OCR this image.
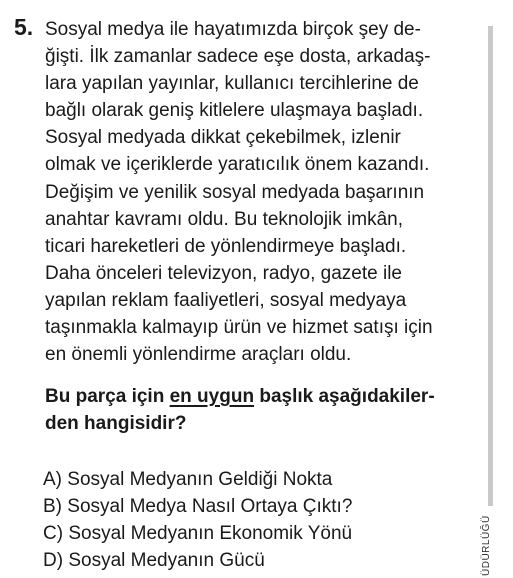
5. Sosyal medya ile hayatımızda birçok şey de-
ğişti. İlk zamanlar sadece eşe dosta, arkadaş-
lara yapılan yayınlar, kullanıcı tercihlerine de
bağlı olarak geniş kitlelere ulaşmaya başladı.
Sosyal medyada dikkat çekebilmek, izlenir
olmak ve içeriklerde yaratıcılık önem kazandı.
Değişim ve yenilik sosyal medyada başarının
anahtar kavramı oldu. Bu teknolojik imkân,
ticari hareketleri de yönlendirmeye başladı.
Daha önceleri televizyon, radyo, gazete ile
yapılan reklam faaliyetleri, sosyal medyaya
taşınmakla kalmayıp ürün ve hizmet satışı için
en önemli yönlendirme araçları oldu.
Bu parça için en uygun başlık aşağıdakiler-
den hangisidir?
A) Sosyal Medyanın Geldiği Nokta
B) Sosyal Medya Nasıl Ortaya Çıktı?
C) Sosyal Medyanın Ekonomik Yönü
D) Sosyal Medyanın Gücü	ÜDÜRLÜĞÜ
